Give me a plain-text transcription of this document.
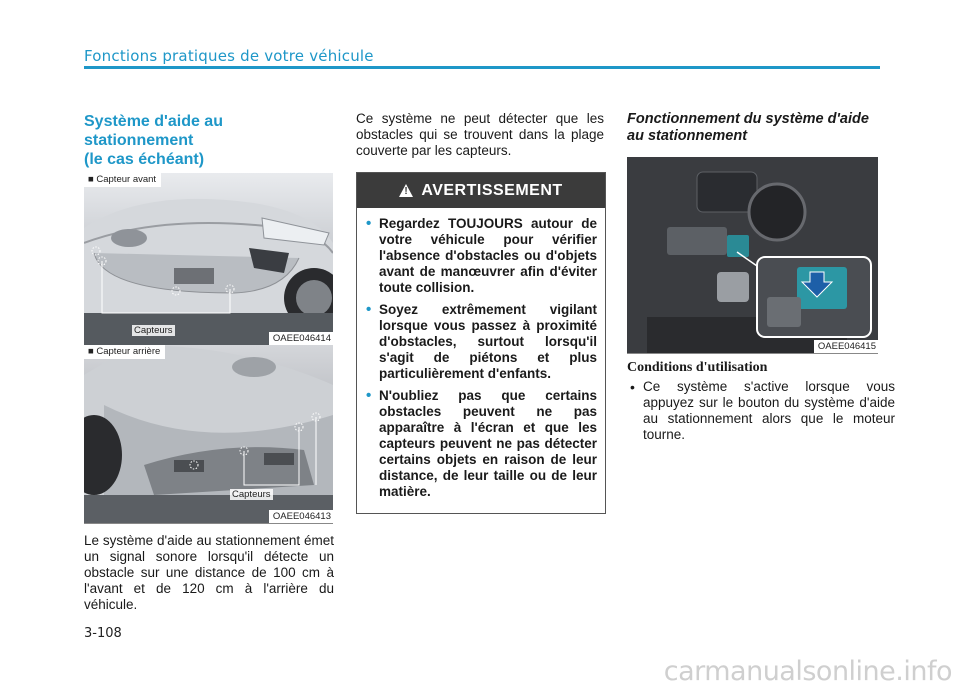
Fonctions pratiques de votre véhicule
Système d'aide au
stationnement
(le cas échéant)
■ Capteur avant
Capteurs
OAEE046414
■ Capteur arrière
Capteurs
OAEE046413
Le système d'aide au stationnement émet un signal sonore lorsqu'il détecte un obstacle sur une distance de 100 cm à l'avant et de 120 cm à l'arrière du véhicule.
Ce système ne peut détecter que les obstacles qui se trouvent dans la plage couverte par les capteurs.
!
AVERTISSEMENT
• Regardez TOUJOURS autour de votre véhicule pour vérifier l'absence d'obstacles ou d'objets avant de manœuvrer afin d'éviter toute collision.
• Soyez extrêmement vigilant lorsque vous passez à proximité d'obstacles, surtout lorsqu'il s'agit de piétons et plus particulièrement d'enfants.
• N'oubliez pas que certains obstacles peuvent ne pas apparaître à l'écran et que les capteurs peuvent ne pas détecter certains objets en raison de leur distance, de leur taille ou de leur matière.
Fonctionnement du système d'aide au stationnement
OAEE046415
Conditions d'utilisation
• Ce système s'active lorsque vous appuyez sur le bouton du système d'aide au stationnement alors que le moteur tourne.
3-108
carmanualsonline.info
